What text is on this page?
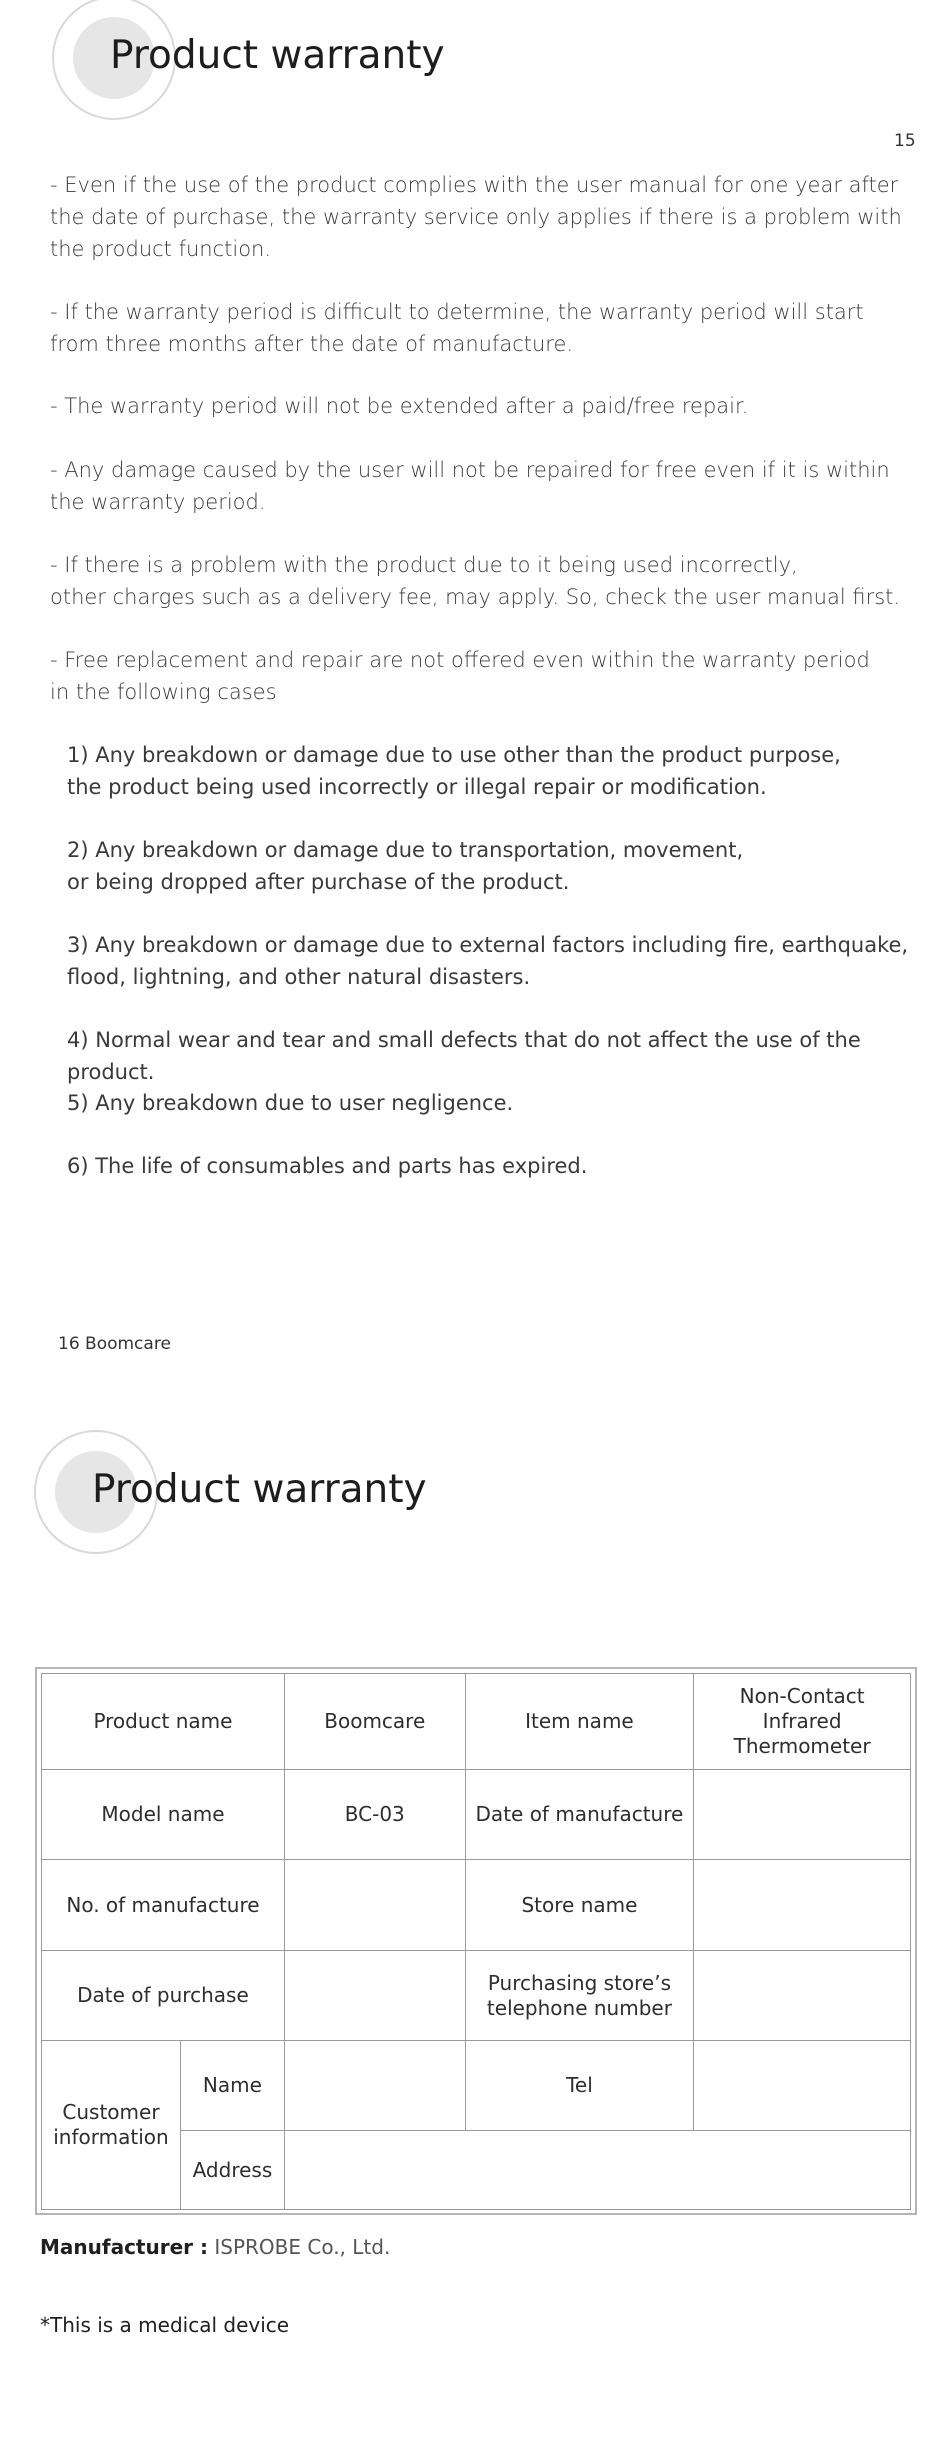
Product warranty
15

- Even if the use of the product complies with the user manual for one year after
the date of purchase, the warranty service only applies if there is a problem with
the product function.

- If the warranty period is difficult to determine, the warranty period will start
from three months after the date of manufacture.

- The warranty period will not be extended after a paid/free repair.

- Any damage caused by the user will not be repaired for free even if it is within
the warranty period.

- If there is a problem with the product due to it being used incorrectly,
other charges such as a delivery fee, may apply. So, check the user manual first.

- Free replacement and repair are not offered even within the warranty period
in the following cases

1) Any breakdown or damage due to use other than the product purpose,
the product being used incorrectly or illegal repair or modification.

2) Any breakdown or damage due to transportation, movement,
or being dropped after purchase of the product.

3) Any breakdown or damage due to external factors including fire, earthquake,
flood, lightning, and other natural disasters.

4) Normal wear and tear and small defects that do not affect the use of the product.

5) Any breakdown due to user negligence.

6) The life of consumables and parts has expired.

16 Boomcare
Product warranty
Product name		Boomcare	Item name	Non-Contact
Infrared
Thermometer
Model name		BC-03	Date of manufacture	
No. of manufacture			Store name	
Date of purchase			Purchasing store’s
telephone number	
Customer
information	Name		Tel	
	Address			
Manufacturer : ISPROBE Co., Ltd.
*This is a medical device
